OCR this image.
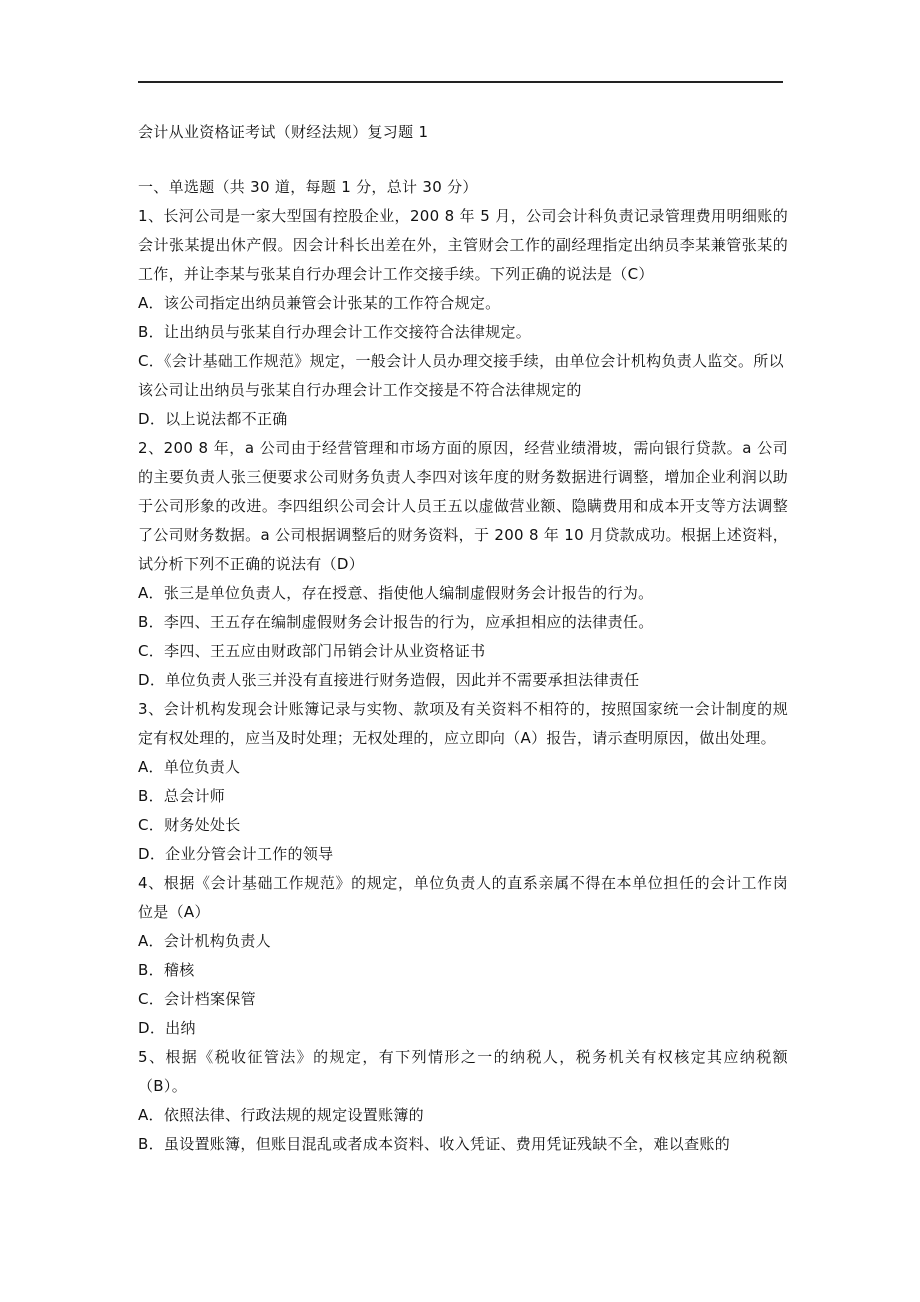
会计从业资格证考试（财经法规）复习题 1

一、单选题（共 30 道，每题 1 分，总计 30 分）

1、长河公司是一家大型国有控股企业，200 8 年 5 月，公司会计科负责记录管理费用明细账的会计张某提出休产假。因会计科长出差在外，主管财会工作的副经理指定出纳员李某兼管张某的工作，并让李某与张某自行办理会计工作交接手续。下列正确的说法是（C）

A．该公司指定出纳员兼管会计张某的工作符合规定。

B．让出纳员与张某自行办理会计工作交接符合法律规定。

C．《会计基础工作规范》规定，一般会计人员办理交接手续，由单位会计机构负责人监交。所以该公司让出纳员与张某自行办理会计工作交接是不符合法律规定的

D．以上说法都不正确

2、200 8 年，a 公司由于经营管理和市场方面的原因，经营业绩滑坡，需向银行贷款。a 公司的主要负责人张三便要求公司财务负责人李四对该年度的财务数据进行调整，增加企业利润以助于公司形象的改进。李四组织公司会计人员王五以虚做营业额、隐瞒费用和成本开支等方法调整了公司财务数据。a 公司根据调整后的财务资料，于 200 8 年 10 月贷款成功。根据上述资料，试分析下列不正确的说法有（D）

A．张三是单位负责人，存在授意、指使他人编制虚假财务会计报告的行为。

B．李四、王五存在编制虚假财务会计报告的行为，应承担相应的法律责任。

C．李四、王五应由财政部门吊销会计从业资格证书

D．单位负责人张三并没有直接进行财务造假，因此并不需要承担法律责任

3、会计机构发现会计账簿记录与实物、款项及有关资料不相符的，按照国家统一会计制度的规定有权处理的，应当及时处理；无权处理的，应立即向（A）报告，请示查明原因，做出处理。

A．单位负责人

B．总会计师

C．财务处处长

D．企业分管会计工作的领导

4、根据《会计基础工作规范》的规定，单位负责人的直系亲属不得在本单位担任的会计工作岗位是（A）

A．会计机构负责人

B．稽核

C．会计档案保管

D．出纳

5、根据《税收征管法》的规定，有下列情形之一的纳税人，税务机关有权核定其应纳税额（B）。

A．依照法律、行政法规的规定设置账簿的

B．虽设置账簿，但账目混乱或者成本资料、收入凭证、费用凭证残缺不全，难以查账的
